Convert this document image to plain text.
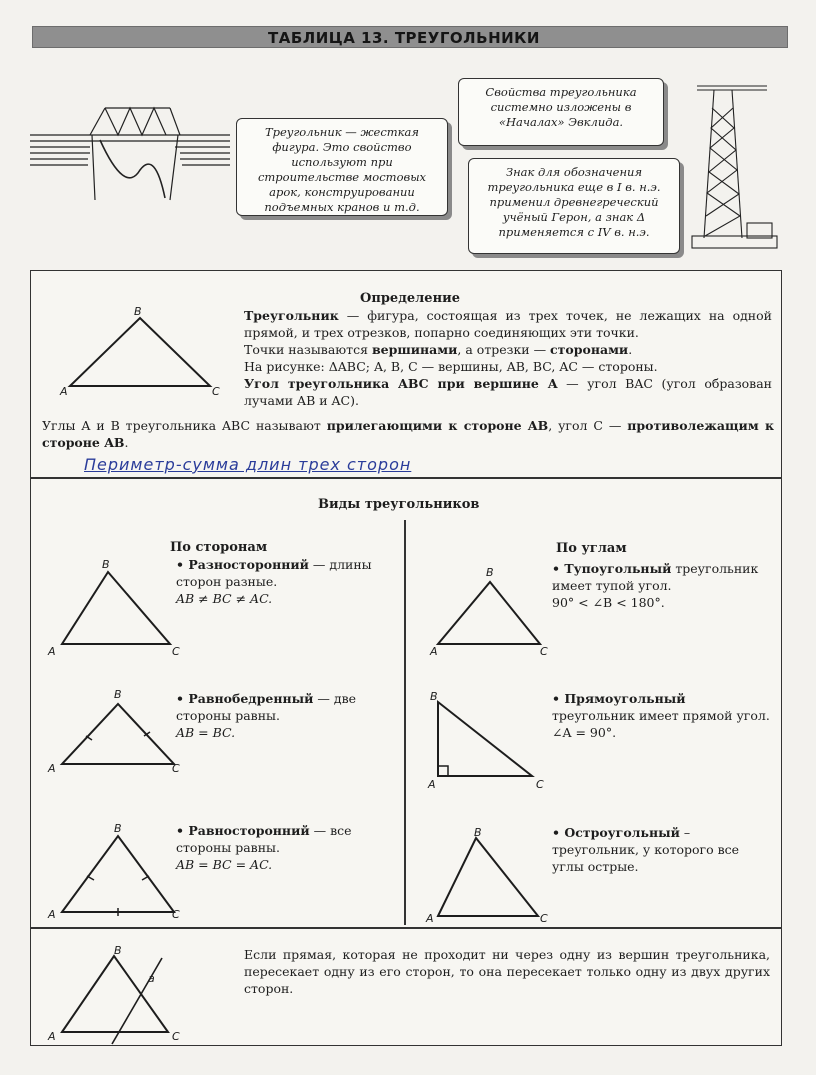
ТАБЛИЦА 13. ТРЕУГОЛЬНИКИ
Треугольник — жесткая фигура. Это свойство используют при строительстве мостовых арок, конструировании подъемных кранов и т.д.
Свойства треугольника системно изложены в «Началах» Эвклида.
Знак для обозначения треугольника еще в I в. н.э. применил древнегреческий учёный Герон, а знак Δ применяется с IV в. н.э.
B
A	C
Определение
Треугольник — фигура, состоящая из трех точек, не лежащих на одной прямой, и трех отрезков, попарно соединяющих эти точки.
Точки называются вершинами, а отрезки — сторонами.
На рисунке: ΔABC; A, B, C — вершины, AB, BC, AC — стороны.
Угол треугольника ABC при вершине A — угол BAC (угол образован лучами AB и AC).
Углы A и B треугольника ABC называют прилегающими к стороне AB, угол C — противолежащим к стороне AB.
Периметр-сумма длин трех сторон
Виды треугольников
По сторонам	По углам
B
A	C
B
A	C
B
A	C
• Разносторонний — длины сторон разные.
AB ≠ BC ≠ AC.
• Равнобедренный — две стороны равны.
AB = BC.
• Равносторонний — все стороны равны.
AB = BC = AC.
B
A	C
B
A	C
B
A	C
• Тупоугольный треугольник имеет тупой угол.
90° < ∠B < 180°.
• Прямоугольный треугольник имеет прямой угол.
∠A = 90°.
• Остроугольный – треугольник, у которого все углы острые.
B
a
A	C
Если прямая, которая не проходит ни через одну из вершин треугольника, пересекает одну из его сторон, то она пересекает только одну из двух других сторон.
